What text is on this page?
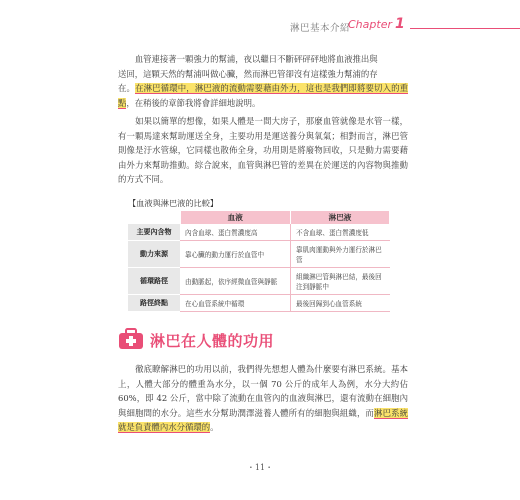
淋巴基本介紹
Chapter 1

　　血管連接著一顆強力的幫浦，夜以繼日不斷砰砰砰地將血液推出與

送回，這顆天然的幫浦叫做心臟，然而淋巴管卻沒有這樣強力幫浦的存

在。在淋巴循環中，淋巴液的流動需要藉由外力，這也是我們即將要切入的重點，在稍後的章節我將會詳細地說明。

　　如果以簡單的想像，如果人體是一間大房子，那麼血管就像是水管一樣，有一顆馬達來幫助運送全身，主要功用是運送養分與氧氣；相對而言，淋巴管則像是汙水管線，它同樣也散佈全身，功用則是將廢物回收，只是動力需要藉由外力來幫助推動。綜合說來，血管與淋巴管的差異在於運送的內容物與推動的方式不同。

【血液與淋巴液的比較】
	血液	淋巴液
主要內含物	內含血球、蛋白質濃度高	不含血球、蛋白質濃度低
動力來源	靠心臟的動力運行於血管中	靠肌肉運動與外力運行於淋巴管
循環路徑	由動脈起，依序經微血管與靜脈	組織淋巴管與淋巴結，最後回注到靜脈中
路徑終點	在心血管系統中循環	最後回歸到心血管系統
淋巴在人體的功用

　　徹底瞭解淋巴的功用以前，我們得先想想人體為什麼要有淋巴系統。基本上，人體大部分的體重為水分，以一個 70 公斤的成年人為例，水分大約佔 60%，即 42 公斤，當中除了流動在血管內的血液與淋巴，還有流動在細胞內與細胞間的水分。這些水分幫助潤澤滋養人體所有的細胞與組織，而淋巴系統就是負責體內水分循環的。

・11・
